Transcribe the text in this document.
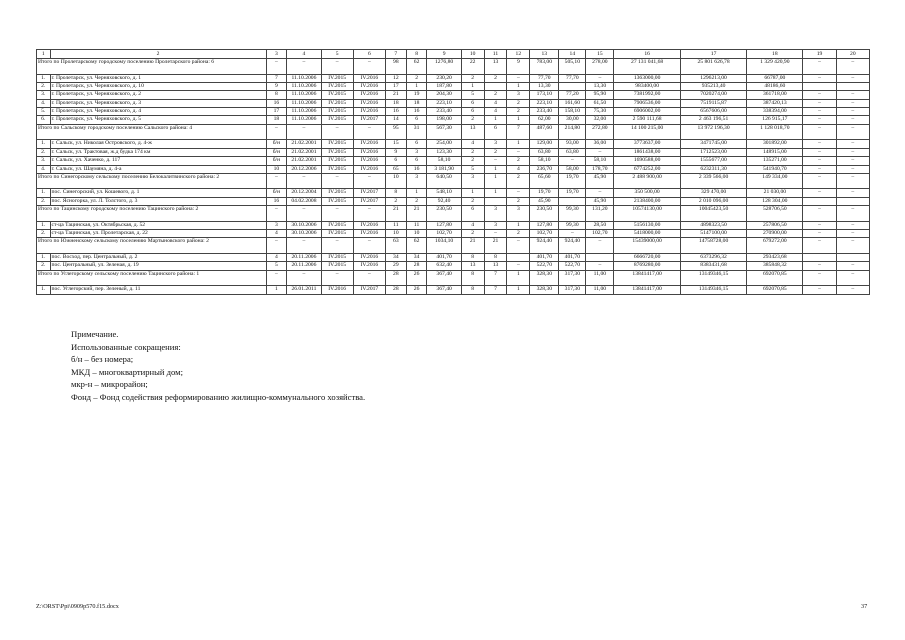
1	2	3	4	5	6	7	8	9	10	11	12	13	14	15	16	17	18	19	20
Итого по Пролетарскому городскому поселению Пролетарского района: 6		–	–	–	–	98	62	1276,80	22	13	9	783,00	505,10	278,00	27 131 041,68	25 801 626,78	1 329 420,90	–	–
1.	г. Пролетарск, ул. Черняховского, д. 1	7	11.10.2006	IV.2015	IV.2016	12	2	230,20	2	2	–	77,70	77,70	–	1363000,00	1296213,00	66787,00	–	–
2.	г. Пролетарск, ул. Черняховского, д. 10	9	11.10.2006	IV.2015	IV.2016	17	1	187,80	1		1	13,30		13,30	983400,00	935213,40	48186,60		
3.	г. Пролетарск, ул. Черняховского, д. 2	8	11.10.2006	IV.2015	IV.2016	21	19	204,30	5	2	3	173,10	77,20	95,90	7381992,00	7020274,00	361718,00	–	–
4.	г. Пролетарск, ул. Черняховского, д. 3	16	11.10.2006	IV.2015	IV.2016	18	18	223,10	6	4	2	223,10	161,60	61,50	7906536,00	7519115,87	387420,13	–	–
5.	г. Пролетарск, ул. Черняховского, д. 4	17	11.10.2006	IV.2015	IV.2016	16	16	233,40	6	4	2	233,40	158,10	75,30	6906002,00	6567606,00	338394,00	–	–
6.	г. Пролетарск, ул. Черняховского, д. 5	18	11.10.2006	IV.2015	IV.2017	14	6	198,00	2	1	1	62,00	30,00	32,00	2 590 111,68	2 463 196,51	126 915,17	–	–
Итого по Сальскому городскому поселению Сальского района: 4		–	–	–	–	95	31	567,30	13	6	7	487,60	214,80	272,80	14 100 215,00	13 972 196,30	1 128 018,70	–	–
1.	г. Сальск, ул. Николая Островского, д. 4-ж	б/н	21.02.2001	IV.2015	IV.2016	15	6	254,00	4	3	1	129,00	93,00	36,00	3773637,00	3471745,00	301892,00	–	–
2.	г. Сальск, ул. Трактовая, ж.д будка 174 км	б/н	21.02.2001	IV.2015	IV.2016	9	3	123,30	2	2	–	63,80	63,80	–	1861438,00	1712523,00	148915,00	–	–
3.	г. Сальск, ул. Хаченко, д. 117	б/н	21.02.2001	IV.2015	IV.2016	6	6	58,10	2	–	2	58,10	–	58,10	1690588,00	1555677,00	135271,00	–	–
4.	г. Сальск, ул. Шаумяна, д. 4-а	10	20.12.2006	IV.2015	IV.2016	65	16	3 181,90	5	1	4	236,70	58,00	178,70	6774252,00	6232311,30	541940,70	–	–
Итого по Синегорскому сельскому поселению Белокалитвинского района: 2		–	–	–	–	10	3	640,50	3	1	2	65,60	19,70	45,90	2 488 900,00	2 339 566,00	149 334,00	–	–
1.	пос. Синегорский, ул. Кошевого, д. 1	б/н	20.12.2004	IV.2015	IV.2017	8	1	548,10	1	1	–	19,70	19,70	–	350 500,00	329 470,00	21 030,00	–	–
2.	пос. Ясногорка, ул. Л. Толстого, д. 3	16	04.02.2008	IV.2015	IV.2017	2	2	92,40	2		2	45,90		45,90	2138400,00	2 010 096,00	128 304,00		
Итого по Тацинскому городскому поселению Тацинского района: 2		–	–	–	–	21	21	230,50	6	3	3	230,50	99,30	131,20	10574130,00	10045423,50	528706,50	–	–
1.	ст-ца Тацинская, ул. Октябрьская, д. 52	3	30.10.2006	IV.2015	IV.2016	11	11	127,80	4	3	1	127,80	99,30	28,50	5156130,00	4898323,50	257806,50	–	–
2.	ст-ца Тацинская, ул. Пролетарская, д. 22	4	30.10.2006	IV.2015	IV.2016	10	10	102,70	2	–	2	102,70	–	102,70	5418000,00	5147100,00	270900,00	–	–
Итого по Южненскому сельскому поселению Мартыновского района: 2		–	–	–	–	63	62	1034,10	21	21	–	924,40	924,40	–	15439000,00	14758728,00	679272,00	–	–
1.	пос. Восход, пер. Центральный, д. 2	4	20.11.2006	IV.2015	IV.2016	34	34	401,70	8	8		401,70	401,70		6666720,00	6373296,32	293423,68		
2.	пос. Центральный, ул. Зеленая, д. 19	5	20.11.2006	IV.2015	IV.2016	29	28	632,40	13	13	–	522,70	522,70	–	8769280,00	8383431,68	385848,32	–	–
Итого по Углегорскому сельскому поселению Тацинского района: 1		–	–	–	–	28	26	367,40	8	7	1	328,30	317,30	11,00	13841417,00	13149346,15	692070,85	–	–
1.	пос. Углегорский, пер. Зеленый, д. 11	1	26.01.2011	IV.2016	IV.2017	28	26	367,40	8	7	1	328,30	317,30	11,00	13841417,00	13149346,15	692070,85	–	–
Примечание.
Использованные сокращения:
б/н – без номера;
МКД – многоквартирный дом;
мкр-н – микрорайон;
Фонд – Фонд содействия реформированию жилищно-коммунального хозяйства.
Z:\ORST\Ppi\0909p570.f15.docx	37
